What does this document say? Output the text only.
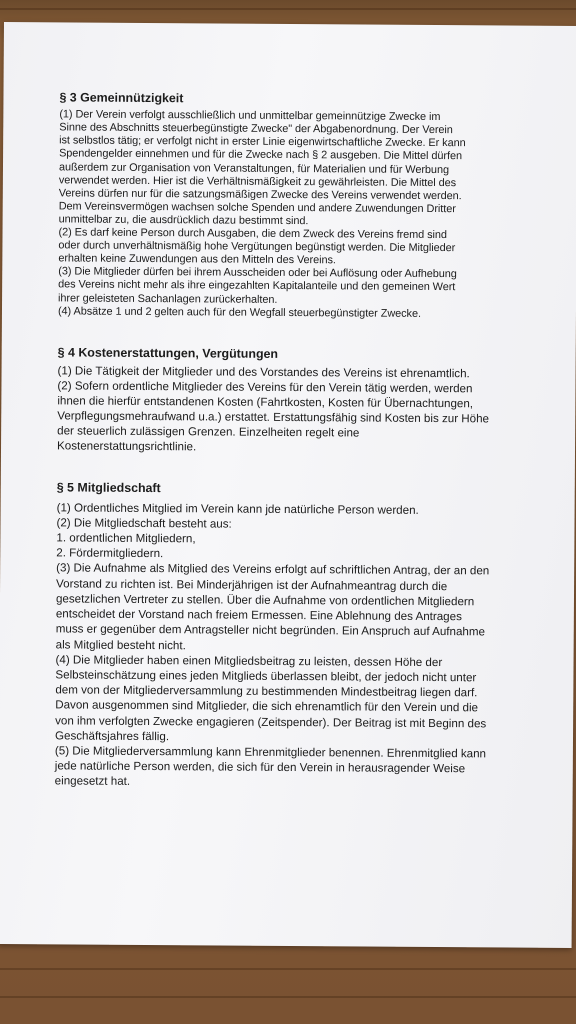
§ 3 Gemeinnützigkeit

(1) Der Verein verfolgt ausschließlich und unmittelbar gemeinnützige Zwecke im
Sinne des Abschnitts steuerbegünstigte Zwecke" der Abgabenordnung. Der Verein
ist selbstlos tätig; er verfolgt nicht in erster Linie eigenwirtschaftliche Zwecke. Er kann
Spendengelder einnehmen und für die Zwecke nach § 2 ausgeben. Die Mittel dürfen
außerdem zur Organisation von Veranstaltungen, für Materialien und für Werbung
verwendet werden. Hier ist die Verhältnismäßigkeit zu gewährleisten. Die Mittel des
Vereins dürfen nur für die satzungsmäßigen Zwecke des Vereins verwendet werden.
Dem Vereinsvermögen wachsen solche Spenden und andere Zuwendungen Dritter
unmittelbar zu, die ausdrücklich dazu bestimmt sind.

(2) Es darf keine Person durch Ausgaben, die dem Zweck des Vereins fremd sind
oder durch unverhältnismäßig hohe Vergütungen begünstigt werden. Die Mitglieder
erhalten keine Zuwendungen aus den Mitteln des Vereins.

(3) Die Mitglieder dürfen bei ihrem Ausscheiden oder bei Auflösung oder Aufhebung
des Vereins nicht mehr als ihre eingezahlten Kapitalanteile und den gemeinen Wert
ihrer geleisteten Sachanlagen zurückerhalten.

(4) Absätze 1 und 2 gelten auch für den Wegfall steuerbegünstigter Zwecke.

§ 4 Kostenerstattungen, Vergütungen

(1) Die Tätigkeit der Mitglieder und des Vorstandes des Vereins ist ehrenamtlich.

(2) Sofern ordentliche Mitglieder des Vereins für den Verein tätig werden, werden
ihnen die hierfür entstandenen Kosten (Fahrtkosten, Kosten für Übernachtungen,
Verpflegungsmehraufwand u.a.) erstattet. Erstattungsfähig sind Kosten bis zur Höhe
der steuerlich zulässigen Grenzen. Einzelheiten regelt eine
Kostenerstattungsrichtlinie.

§ 5 Mitgliedschaft

(1) Ordentliches Mitglied im Verein kann jde natürliche Person werden.

(2) Die Mitgliedschaft besteht aus:

1. ordentlichen Mitgliedern,

2. Fördermitgliedern.

(3) Die Aufnahme als Mitglied des Vereins erfolgt auf schriftlichen Antrag, der an den
Vorstand zu richten ist. Bei Minderjährigen ist der Aufnahmeantrag durch die
gesetzlichen Vertreter zu stellen. Über die Aufnahme von ordentlichen Mitgliedern
entscheidet der Vorstand nach freiem Ermessen. Eine Ablehnung des Antrages
muss er gegenüber dem Antragsteller nicht begründen. Ein Anspruch auf Aufnahme
als Mitglied besteht nicht.

(4) Die Mitglieder haben einen Mitgliedsbeitrag zu leisten, dessen Höhe der
Selbsteinschätzung eines jeden Mitglieds überlassen bleibt, der jedoch nicht unter
dem von der Mitgliederversammlung zu bestimmenden Mindestbeitrag liegen darf.
Davon ausgenommen sind Mitglieder, die sich ehrenamtlich für den Verein und die
von ihm verfolgten Zwecke engagieren (Zeitspender). Der Beitrag ist mit Beginn des
Geschäftsjahres fällig.

(5) Die Mitgliederversammlung kann Ehrenmitglieder benennen. Ehrenmitglied kann
jede natürliche Person werden, die sich für den Verein in herausragender Weise
eingesetzt hat.
